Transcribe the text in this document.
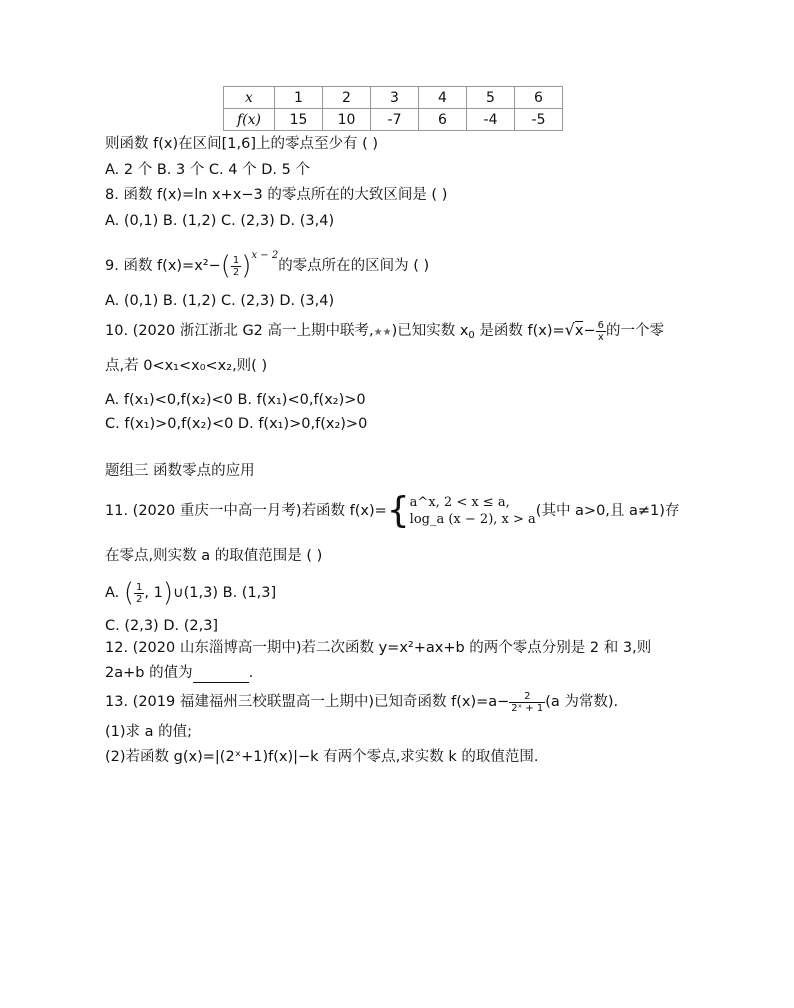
x	1	2	3	4	5	6
f(x)	15	10	-7	6	-4	-5
则函数 f(x)在区间[1,6]上的零点至少有 ( )
A. 2 个 B. 3 个 C. 4 个 D. 5 个
8. 函数 f(x)=ln x+x−3 的零点所在的大致区间是 ( )
A. (0,1) B. (1,2) C. (2,3) D. (3,4)
9. 函数 $f(x)=x^2-( \frac{1}{2} )^{x - 2}$的零点所在的区间为 ( )
A. (0,1) B. (1,2) C. (2,3) D. (3,4)
10. (2020 浙江浙北 G2 高一上期中联考,★★)已知实数 $x_0$ 是函数 $f(x)=√x- \frac{6}{x}$ 的一个零
点,若 0<x₁<x₀<x₂,则( )
A. f(x₁)<0,f(x₂)<0 B. f(x₁)<0,f(x₂)>0
C. f(x₁)>0,f(x₂)<0 D. f(x₁)>0,f(x₂)>0
题组三 函数零点的应用
11. (2020 重庆一中高一月考)若函数 f(x)={ a^x, 2 < x ≤ a,
log_a (x − 2), x > a
(其中 a>0,且 a≠1)存
在零点,则实数 a 的取值范围是 ( )
A. ( $\frac{1}{2}$ , 1)∪(1,3) B. (1,3]
C. (2,3) D. (2,3]
12. (2020 山东淄博高一期中)若二次函数 y=x²+ax+b 的两个零点分别是 2 和 3,则
2a+b 的值为	.
13. (2019 福建福州三校联盟高一上期中)已知奇函数 $f(x)=a- \frac{2}{\text{2ˣ + 1}} (a$ 为常数).
(1)求 a 的值;
(2)若函数 g(x)=|(2ˣ+1)f(x)|−k 有两个零点,求实数 k 的取值范围.
